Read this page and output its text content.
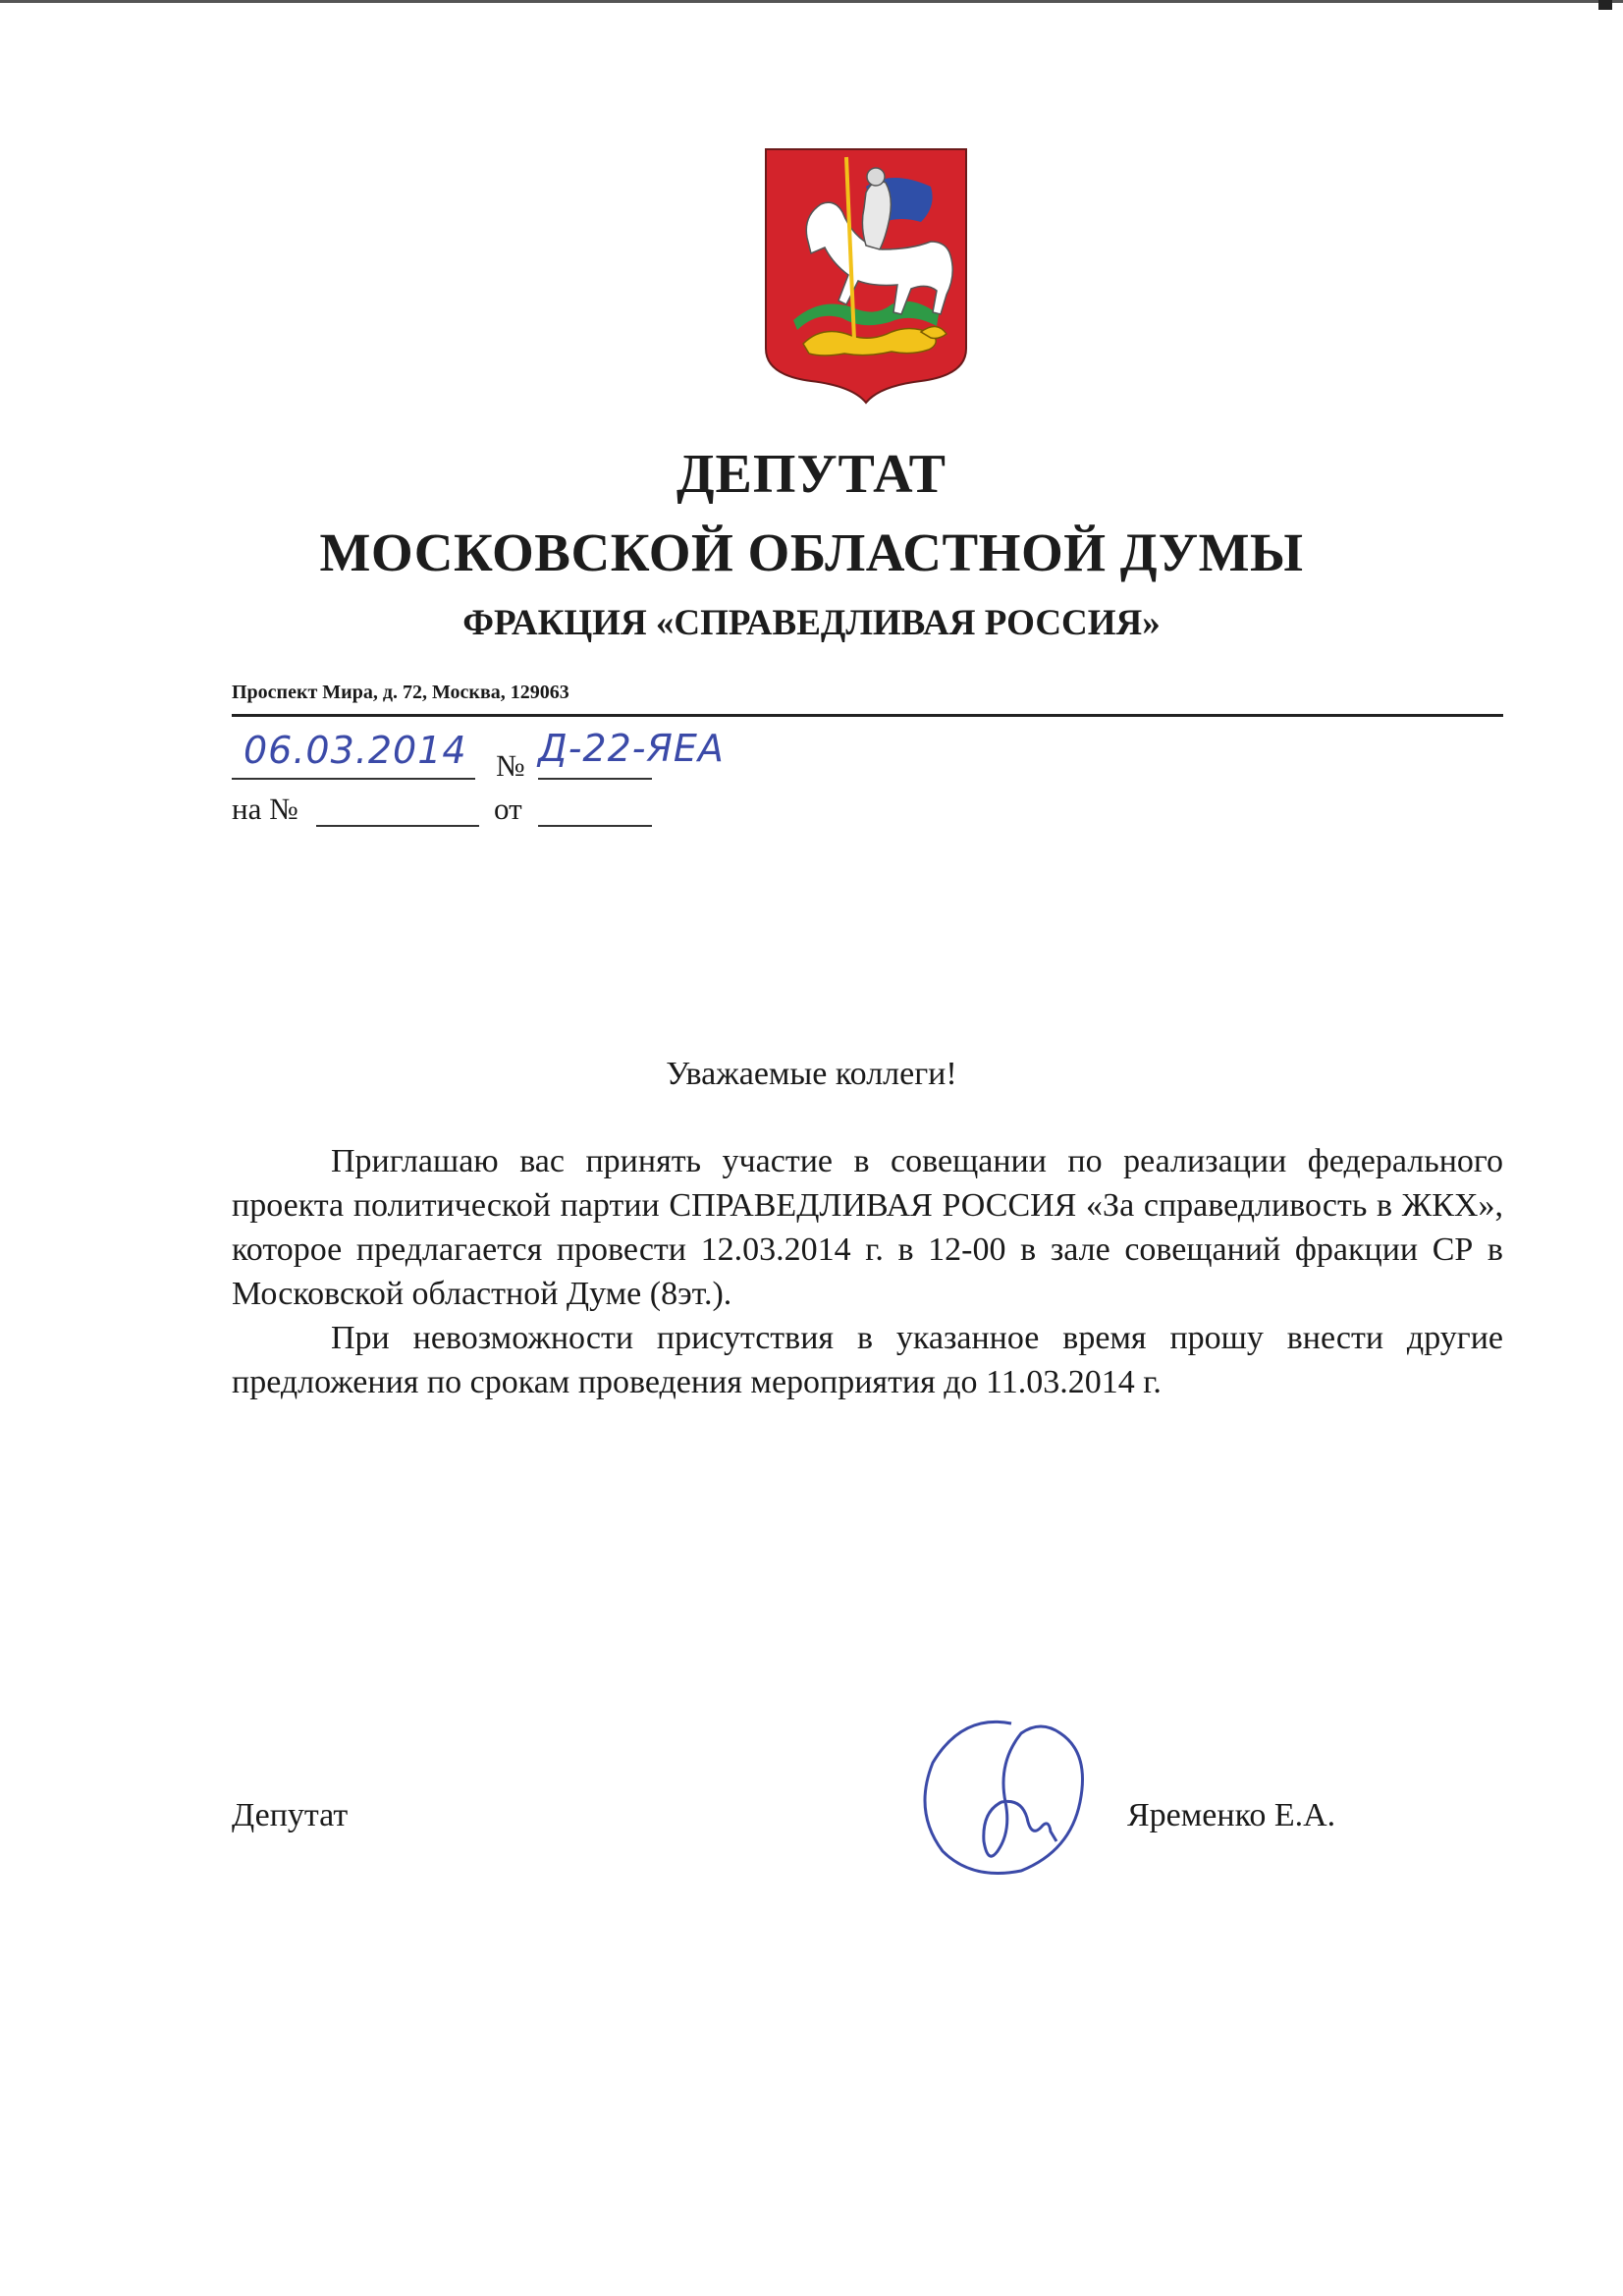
ДЕПУТАТ
МОСКОВСКОЙ ОБЛАСТНОЙ ДУМЫ
ФРАКЦИЯ «СПРАВЕДЛИВАЯ РОССИЯ»
Проспект Мира, д. 72, Москва, 129063
06.03.2014 № Д-22-ЯЕА
на №	от
Уважаемые коллеги!
Приглашаю вас принять участие в совещании по реализации федерального проекта политической партии СПРАВЕДЛИВАЯ РОССИЯ «За справедливость в ЖКХ», которое предлагается провести 12.03.2014 г. в 12-00 в зале совещаний фракции СР в Московской областной Думе (8эт.).
При невозможности присутствия в указанное время прошу внести другие предложения по срокам проведения мероприятия до 11.03.2014 г.
Депутат	Яременко Е.А.
